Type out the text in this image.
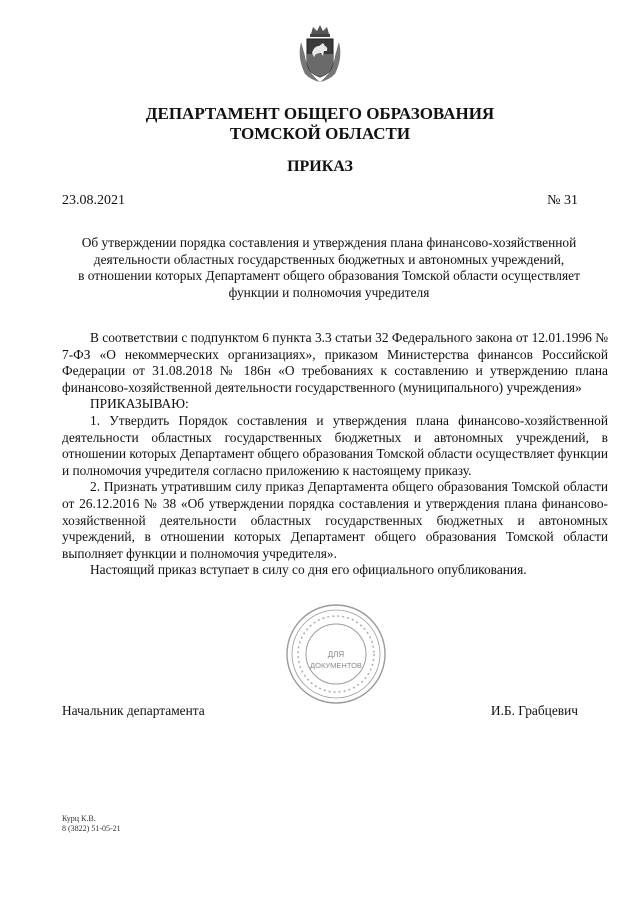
ДЕПАРТАМЕНТ ОБЩЕГО ОБРАЗОВАНИЯ
ТОМСКОЙ ОБЛАСТИ
ПРИКАЗ
23.08.2021	№ 31
Об утверждении порядка составления и утверждения плана финансово-хозяйственной
деятельности областных государственных бюджетных и автономных учреждений,
в отношении которых Департамент общего образования Томской области осуществляет
функции и полномочия учредителя

В соответствии с подпунктом 6 пункта 3.3 статьи 32 Федерального закона от 12.01.1996 № 7-ФЗ «О некоммерческих организациях», приказом Министерства финансов Российской Федерации от 31.08.2018 № 186н «О требованиях к составлению и утверждению плана финансово-хозяйственной деятельности государственного (муниципального) учреждения»

ПРИКАЗЫВАЮ:

1. Утвердить Порядок составления и утверждения плана финансово-хозяйственной деятельности областных государственных бюджетных и автономных учреждений, в отношении которых Департамент общего образования Томской области осуществляет функции и полномочия учредителя согласно приложению к настоящему приказу.

2. Признать утратившим силу приказ Департамента общего образования Томской области от 26.12.2016 № 38 «Об утверждении порядка составления и утверждения плана финансово-хозяйственной деятельности областных государственных бюджетных и автономных учреждений, в отношении которых Департамент общего образования Томской области выполняет функции и полномочия учредителя».

Настоящий приказ вступает в силу со дня его официального опубликования.

ДЛЯ
ДОКУМЕНТОВ
Начальник департамента	И.Б. Грабцевич
Курц К.В.
8 (3822) 51-05-21
